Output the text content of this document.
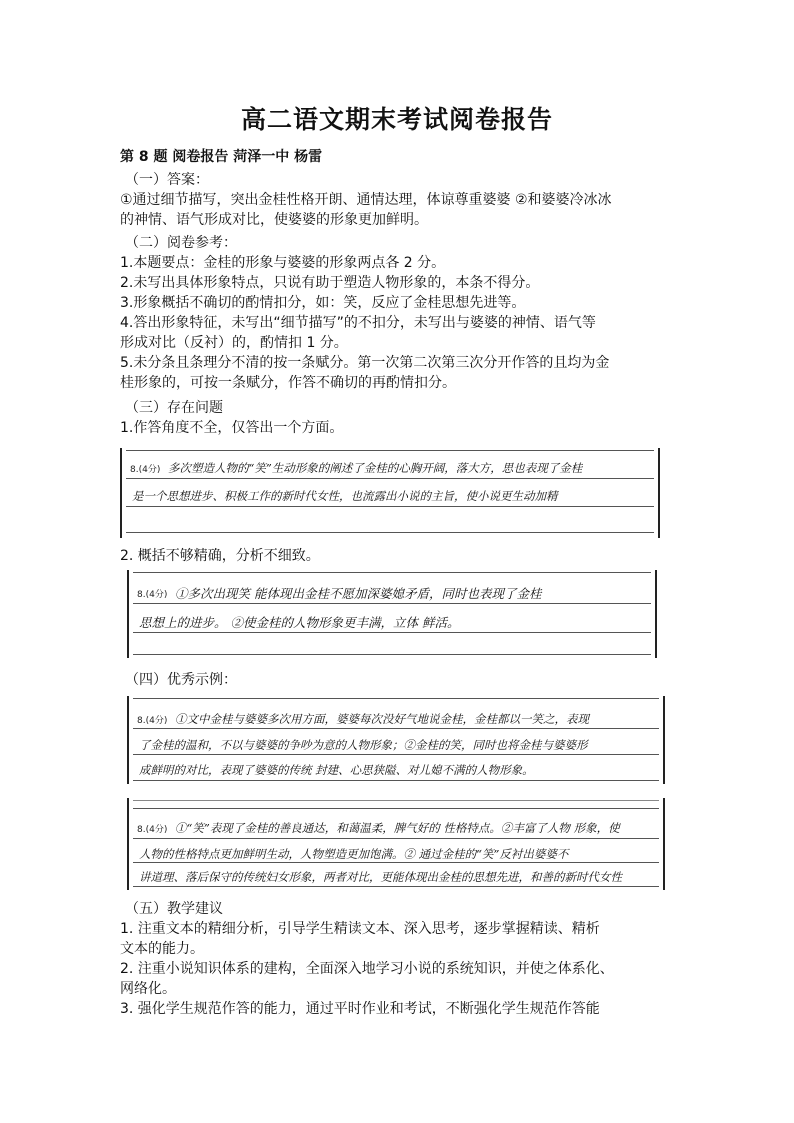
高二语文期末考试阅卷报告
第 8 题 阅卷报告 菏泽一中 杨雷

（一）答案：

①通过细节描写，突出金桂性格开朗、通情达理，体谅尊重婆婆 ②和婆婆冷冰冰

的神情、语气形成对比，使婆婆的形象更加鲜明。

（二）阅卷参考：

1.本题要点：金桂的形象与婆婆的形象两点各 2 分。

2.未写出具体形象特点，只说有助于塑造人物形象的，本条不得分。

3.形象概括不确切的酌情扣分，如：笑，反应了金桂思想先进等。

4.答出形象特征，未写出“细节描写”的不扣分，未写出与婆婆的神情、语气等

形成对比（反衬）的，酌情扣 1 分。

5.未分条且条理分不清的按一条赋分。第一次第二次第三次分开作答的且均为金

桂形象的，可按一条赋分，作答不确切的再酌情扣分。

（三）存在问题

1.作答角度不全，仅答出一个方面。

8.(4分) 多次塑造人物的“笑”生动形象的阐述了金桂的心胸开阔，落大方，思也表现了金桂
是一个思想进步、积极工作的新时代女性，也流露出小说的主旨，使小说更生动加精

2. 概括不够精确，分析不细致。

8.(4分) ①多次出现笑 能体现出金桂不愿加深婆媳矛盾，同时也表现了金桂
思想上的进步。 ②使金桂的人物形象更丰满，立体 鲜活。

（四）优秀示例：

8.(4分) ①文中金桂与婆婆多次用方面，婆婆每次没好气地说金桂，金桂都以一笑之，表现
了金桂的温和，不以与婆婆的争吵为意的人物形象；②金桂的笑，同时也将金桂与婆婆形
成鲜明的对比，表现了婆婆的传统 封建、心思狭隘、对儿媳不满的人物形象。
8.(4分) ①“笑”表现了金桂的善良通达，和蔼温柔，脾气好的 性格特点。②丰富了人物 形象，使
人物的性格特点更加鲜明生动，人物塑造更加饱满。② 通过金桂的“笑”反衬出婆婆不
讲道理、落后保守的传统妇女形象，两者对比，更能体现出金桂的思想先进，和善的新时代女性

（五）教学建议

1. 注重文本的精细分析，引导学生精读文本、深入思考，逐步掌握精读、精析

文本的能力。

2. 注重小说知识体系的建构，全面深入地学习小说的系统知识，并使之体系化、

网络化。

3. 强化学生规范作答的能力，通过平时作业和考试，不断强化学生规范作答能
